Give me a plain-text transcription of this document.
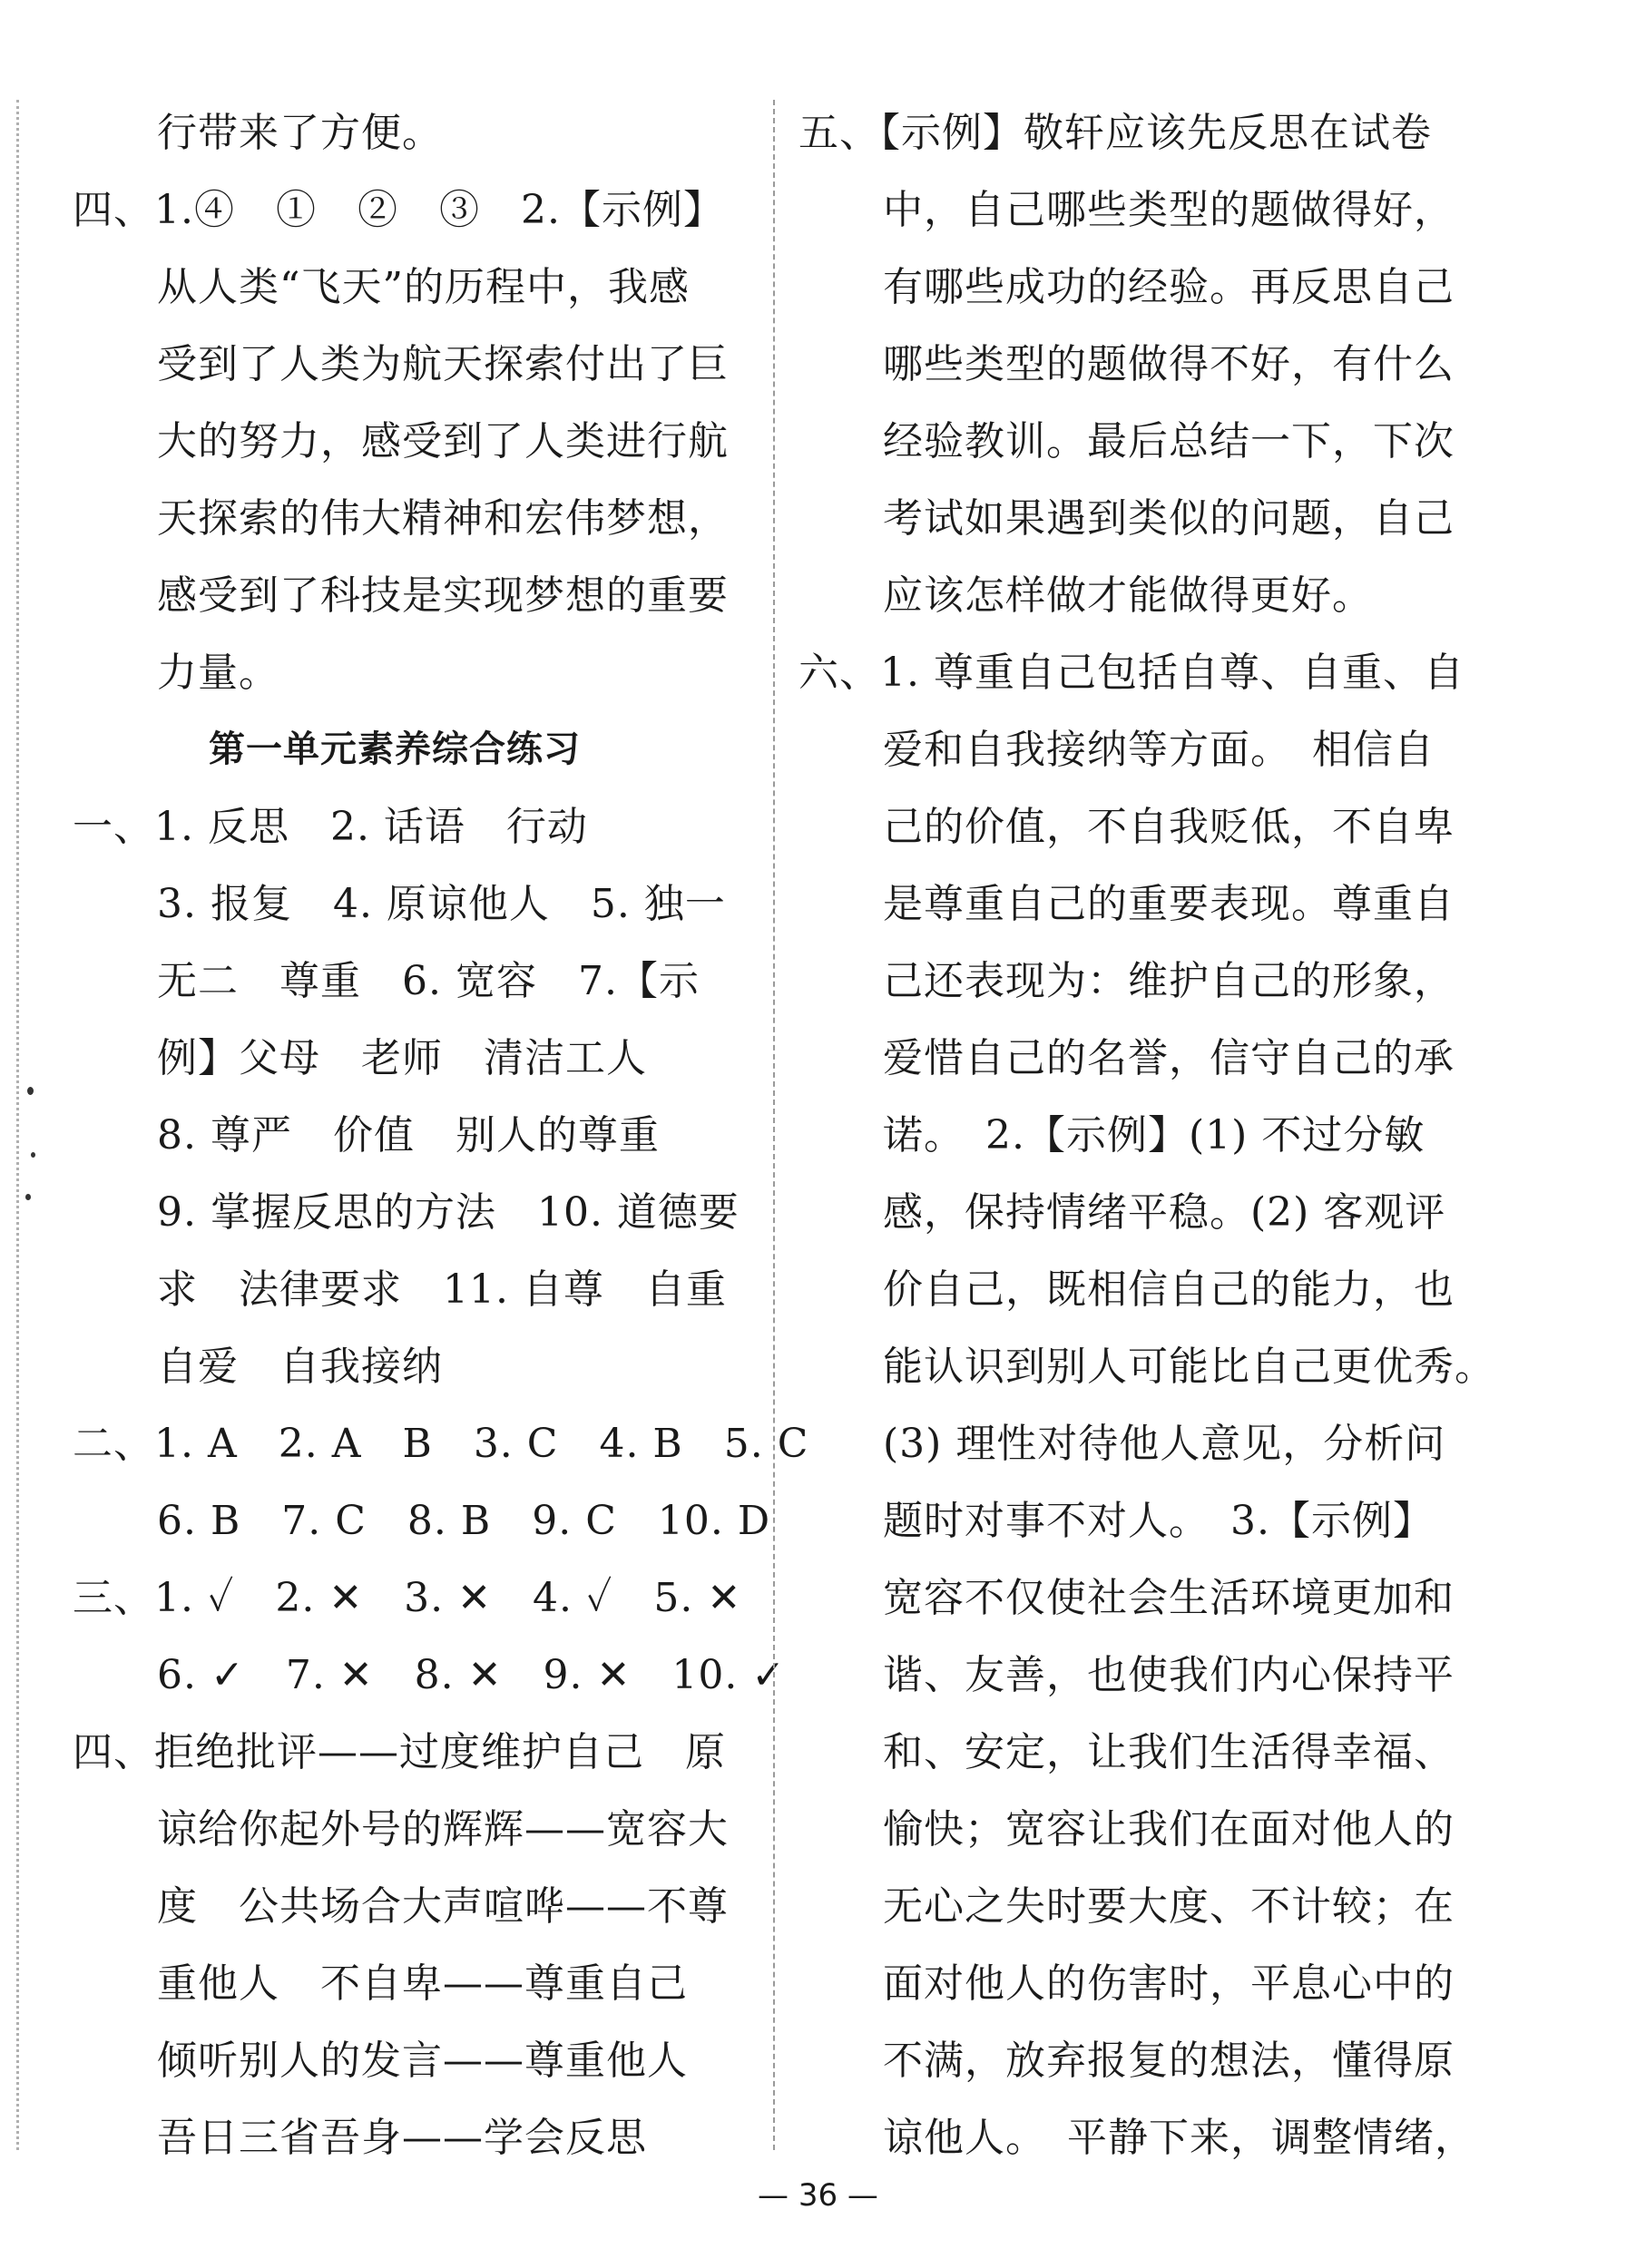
行带来了方便。
四、1.④　①　②　③　2.【示例】
从人类“飞天”的历程中，我感
受到了人类为航天探索付出了巨
大的努力，感受到了人类进行航
天探索的伟大精神和宏伟梦想，
感受到了科技是实现梦想的重要
力量。
第一单元素养综合练习
一、1. 反思　2. 话语　行动
3. 报复　4. 原谅他人　5. 独一
无二　尊重　6. 宽容　7.【示
例】父母　老师　清洁工人
8. 尊严　价值　别人的尊重
9. 掌握反思的方法　10. 道德要
求　法律要求　11. 自尊　自重
自爱　自我接纳
二、1. A　2. A　B　3. C　4. B　5. C
6. B　7. C　8. B　9. C　10. D
三、1. ✓　2. ✕　3. ✕　4. ✓　5. ✕
6. ✓　7. ✕　8. ✕　9. ✕　10. ✓
四、拒绝批评——过度维护自己　原
谅给你起外号的辉辉——宽容大
度　公共场合大声喧哗——不尊
重他人　不自卑——尊重自己
倾听别人的发言——尊重他人
吾日三省吾身——学会反思
五、【示例】敬轩应该先反思在试卷
中，自己哪些类型的题做得好，
有哪些成功的经验。再反思自己
哪些类型的题做得不好，有什么
经验教训。最后总结一下，下次
考试如果遇到类似的问题，自己
应该怎样做才能做得更好。
六、1. 尊重自己包括自尊、自重、自
爱和自我接纳等方面。　相信自
己的价值，不自我贬低，不自卑
是尊重自己的重要表现。尊重自
己还表现为：维护自己的形象，
爱惜自己的名誉，信守自己的承
诺。　2.【示例】(1) 不过分敏
感，保持情绪平稳。(2) 客观评
价自己，既相信自己的能力，也
能认识到别人可能比自己更优秀。
(3) 理性对待他人意见，分析问
题时对事不对人。　3.【示例】
宽容不仅使社会生活环境更加和
谐、友善，也使我们内心保持平
和、安定，让我们生活得幸福、
愉快；宽容让我们在面对他人的
无心之失时要大度、不计较；在
面对他人的伤害时，平息心中的
不满，放弃报复的想法，懂得原
谅他人。　平静下来，调整情绪，
— 36 —
